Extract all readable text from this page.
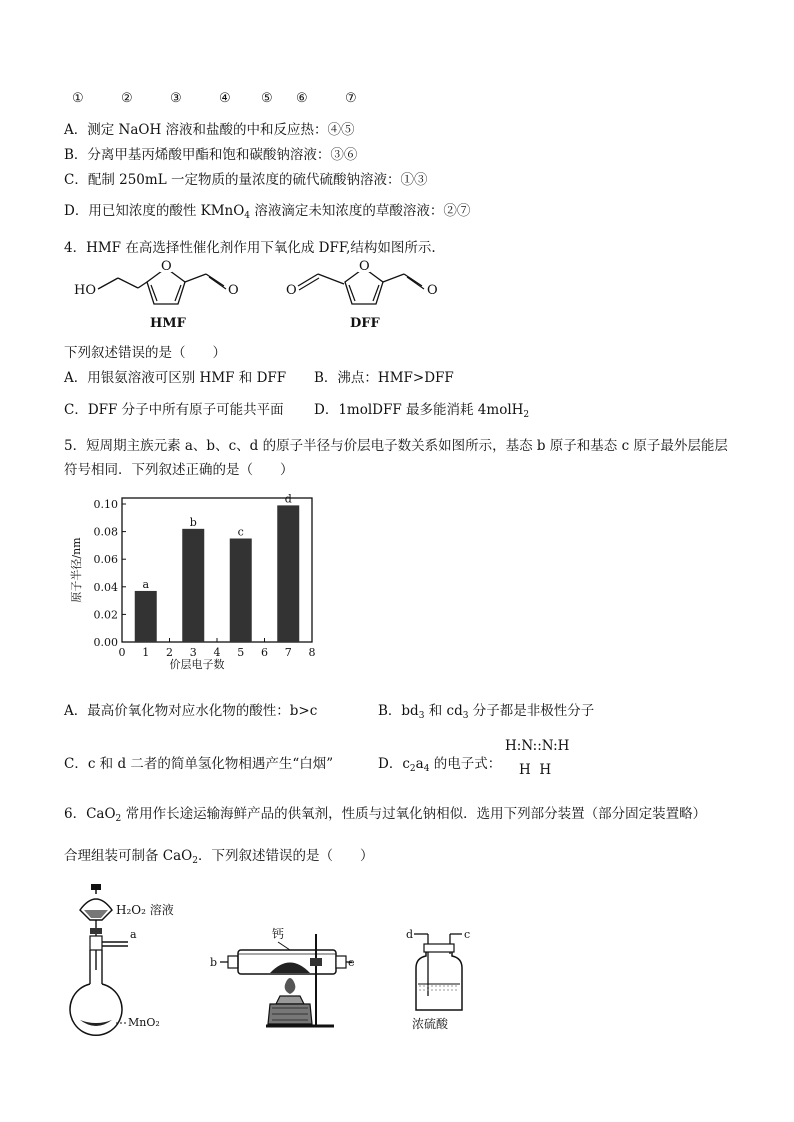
①	②	③	④ ⑤ ⑥	⑦
A．测定 NaOH 溶液和盐酸的中和反应热：④⑤
B．分离甲基丙烯酸甲酯和饱和碳酸钠溶液：③⑥
C．配制 250mL 一定物质的量浓度的硫代硫酸钠溶液：①③
D．用已知浓度的酸性 KMnO$_4$ 溶液滴定未知浓度的草酸溶液：②⑦
4．HMF 在高选择性催化剂作用下氧化成 DFF,结构如图所示.
HO
O
O
HMF
O
O
O
DFF
下列叙述错误的是（　　）
A．用银氨溶液可区别 HMF 和 DFF B．沸点：HMF>DFF
C．DFF 分子中所有原子可能共平面 D．1molDFF 最多能消耗 4molH$_2$
5．短周期主族元素 a、b、c、d 的原子半径与价层电子数关系如图所示，基态 b 原子和基态 c 原子最外层能层
符号相同．下列叙述正确的是（　　）
0.00
0.02
0.04
0.06
0.08
0.10
0 1 2 3 4 5 6 7 8
a
b
c
d
原子半径/nm
价层电子数
A．最高价氧化物对应水化物的酸性：b>c	B．$bd_3$ 和 $cd_3$ 分子都是非极性分子
C．c 和 d 二者的简单氢化物相遇产生“白烟”	D．$c_2a_4$ 的电子式：
H:N::N:H
H  H
6．CaO$_2$ 常用作长途运输海鲜产品的供氧剂，性质与过氧化钠相似．选用下列部分装置（部分固定装置略）
合理组装可制备 CaO$_2$．下列叙述错误的是（　　）
H₂O₂ 溶液
a
MnO₂
钙
b	e
d	c
浓硫酸
